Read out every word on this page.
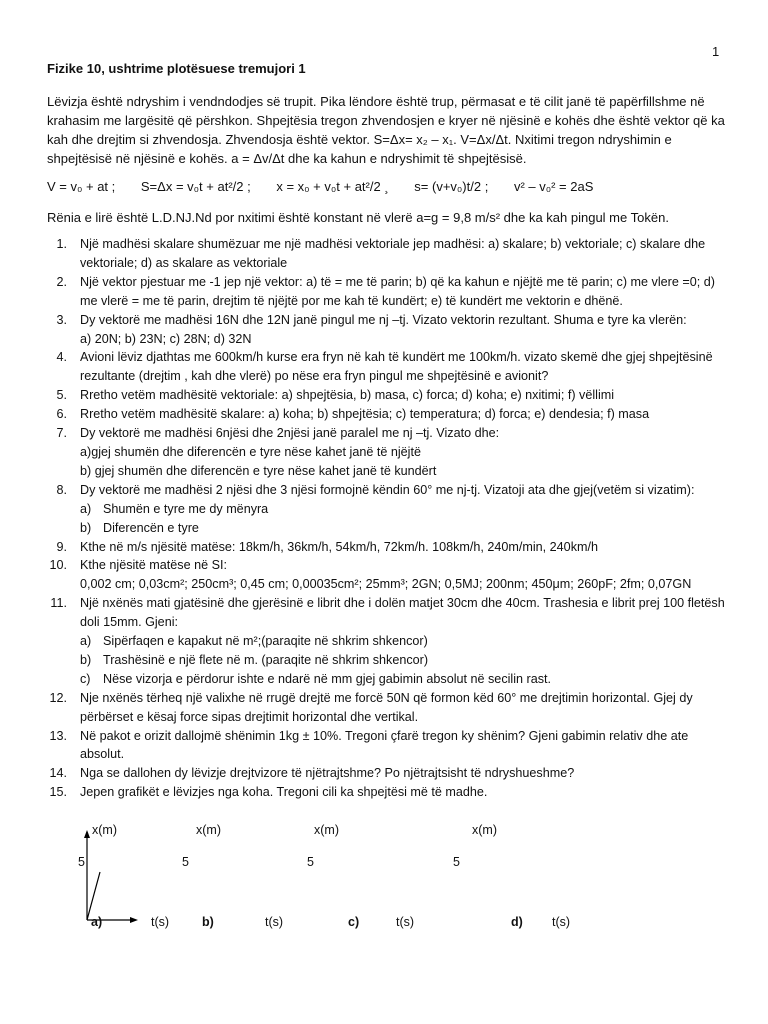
1
Fizike 10, ushtrime plotësuese tremujori 1

Lëvizja është ndryshim i vendndodjes së trupit. Pika lëndore është trup, përmasat e të cilit janë të papërfillshme në krahasim me largësitë që përshkon. Shpejtësia tregon zhvendosjen e kryer në njësinë e kohës dhe është vektor që ka kah dhe drejtim si zhvendosja. Zhvendosja është vektor. S=Δx= x₂ – x₁. V=Δx/Δt. Nxitimi tregon ndryshimin e shpejtësisë në njësinë e kohës. a = Δv/Δt dhe ka kahun e ndryshimit të shpejtësisë.

V = v₀ + at ; S=Δx = v₀t + at²/2 ; x = x₀ + v₀t + at²/2 ¸ s= (v+v₀)t/2 ; v² – v₀² = 2aS

Rënia e lirë është L.D.NJ.Nd por nxitimi është konstant në vlerë a=g = 9,8 m/s² dhe ka kah pingul me Tokën.

1. Një madhësi skalare shumëzuar me një madhësi vektoriale jep madhësi: a) skalare; b) vektoriale; c) skalare dhe vektoriale; d) as skalare as vektoriale
2. Një vektor pjestuar me -1 jep një vektor: a) të = me të parin; b) që ka kahun e njëjtë me të parin; c) me vlere =0; d) me vlerë = me të parin, drejtim të njëjtë por me kah të kundërt; e) të kundërt me vektorin e dhënë.
3. Dy vektorë me madhësi 16N dhe 12N janë pingul me nj –tj. Vizato vektorin rezultant. Shuma e tyre ka vlerën:
a) 20N; b) 23N; c) 28N; d) 32N
4. Avioni lëviz djathtas me 600km/h kurse era fryn në kah të kundërt me 100km/h. vizato skemë dhe gjej shpejtësinë rezultante (drejtim , kah dhe vlerë) po nëse era fryn pingul me shpejtësinë e avionit?
5. Rretho vetëm madhësitë vektoriale: a) shpejtësia, b) masa, c) forca; d) koha; e) nxitimi; f) vëllimi
6. Rretho vetëm madhësitë skalare: a) koha; b) shpejtësia; c) temperatura; d) forca; e) dendesia; f) masa
7. Dy vektorë me madhësi 6njësi dhe 2njësi janë paralel me nj –tj. Vizato dhe:
a)gjej shumën dhe diferencën e tyre nëse kahet janë të njëjtë
b) gjej shumën dhe diferencën e tyre nëse kahet janë të kundërt
8. Dy vektorë me madhësi 2 njësi dhe 3 njësi formojnë këndin 60° me nj-tj. Vizatoji ata dhe gjej(vetëm si vizatim):
a) Shumën e tyre me dy mënyra
b) Diferencën e tyre
9. Kthe në m/s njësitë matëse: 18km/h, 36km/h, 54km/h, 72km/h. 108km/h, 240m/min, 240km/h
10. Kthe njësitë matëse në SI:
0,002 cm; 0,03cm²; 250cm³; 0,45 cm; 0,00035cm²; 25mm³; 2GN; 0,5MJ; 200nm; 450μm; 260pF; 2fm; 0,07GN
11. Një nxënës mati gjatësinë dhe gjerësinë e librit dhe i dolën matjet 30cm dhe 40cm. Trashesia e librit prej 100 fletësh doli 15mm. Gjeni:
a) Sipërfaqen e kapakut në m²;(paraqite në shkrim shkencor)
b) Trashësinë e një flete në m. (paraqite në shkrim shkencor)
c) Nëse vizorja e përdorur ishte e ndarë në mm gjej gabimin absolut në secilin rast.
12. Nje nxënës tërheq një valixhe në rrugë drejtë me forcë 50N që formon kёd 60° me drejtimin horizontal. Gjej dy përbërset e kësaj force sipas drejtimit horizontal dhe vertikal.
13. Në pakot e orizit dallojmë shënimin 1kg ± 10%. Tregoni çfarë tregon ky shënim? Gjeni gabimin relativ dhe ate absolut.
14. Nga se dallohen dy lëvizje drejtvizore të njëtrajtshme? Po njëtrajtsisht të ndryshueshme?
15. Jepen grafikët e lëvizjes nga koha. Tregoni cili ka shpejtësi më të madhe.
x(m)	x(m)	x(m)	x(m)
5	5	5	5
a)	t(s)	b)	t(s)	c)	t(s)	d) t(s)
